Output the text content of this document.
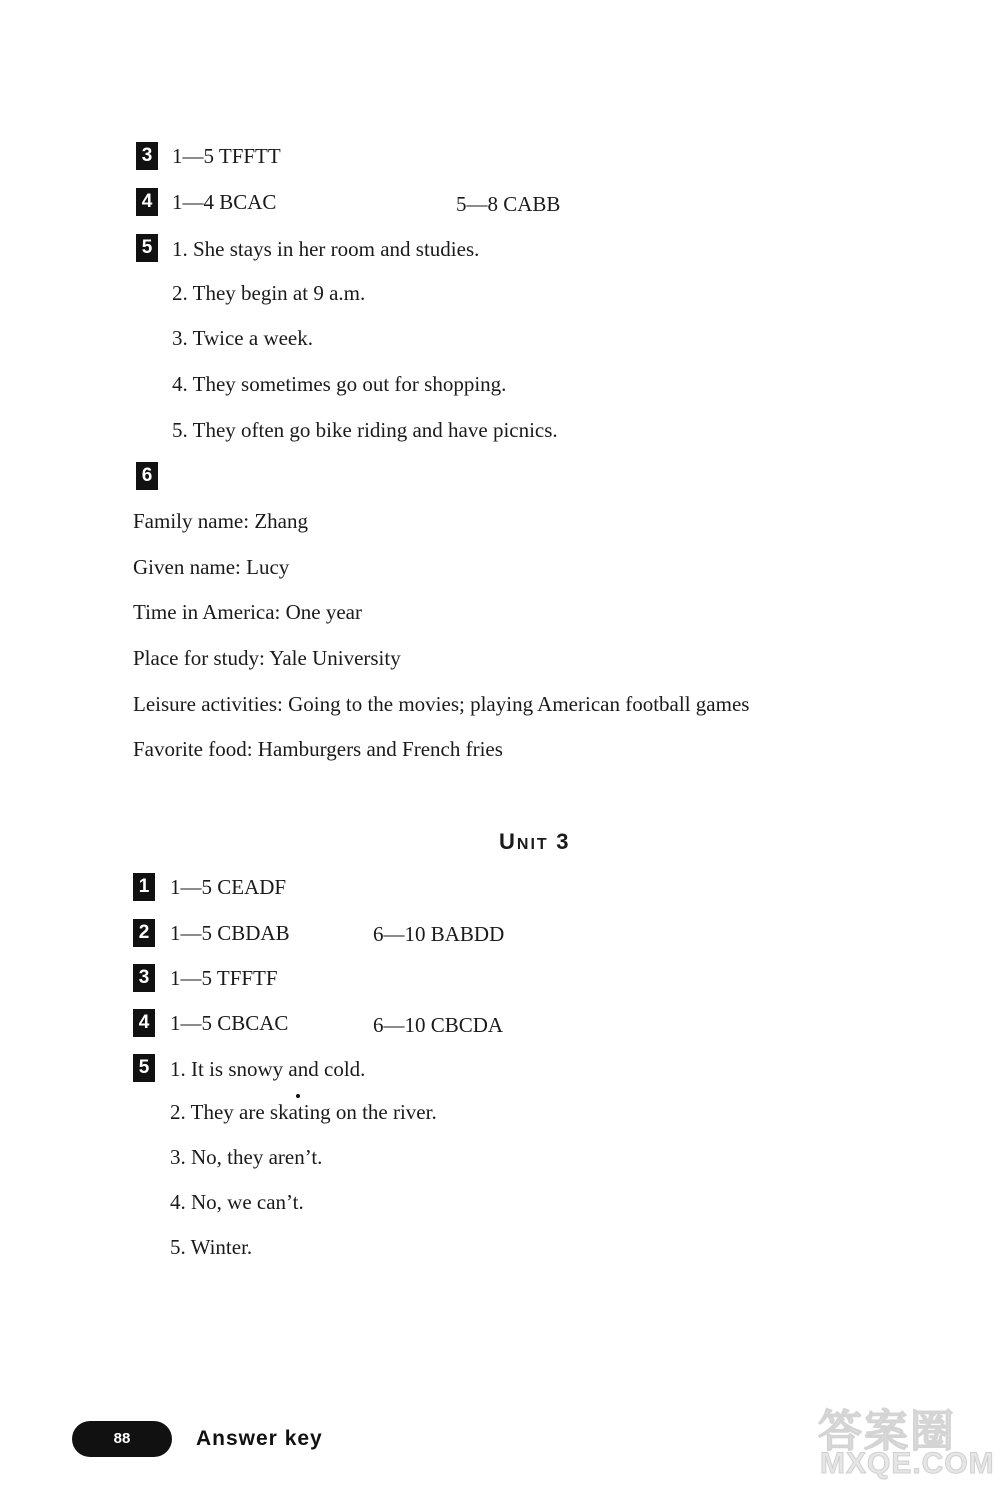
3 1—5 TFFTT
4 1—4 BCAC	5—8 CABB
5 1. She stays in her room and studies.
2. They begin at 9 a.m.
3. Twice a week.
4. They sometimes go out for shopping.
5. They often go bike riding and have picnics.
6
Family name: Zhang
Given name: Lucy
Time in America: One year
Place for study: Yale University
Leisure activities: Going to the movies; playing American football games
Favorite food: Hamburgers and French fries
UNIT 3
1 1—5 CEADF
2 1—5 CBDAB	6—10 BABDD
3 1—5 TFFTF
4 1—5 CBCAC	6—10 CBCDA
5 1. It is snowy and cold.
2. They are skating on the river.
3. No, they aren’t.
4. No, we can’t.
5. Winter.
88	Answer key	答案圈
MXQE.COM
